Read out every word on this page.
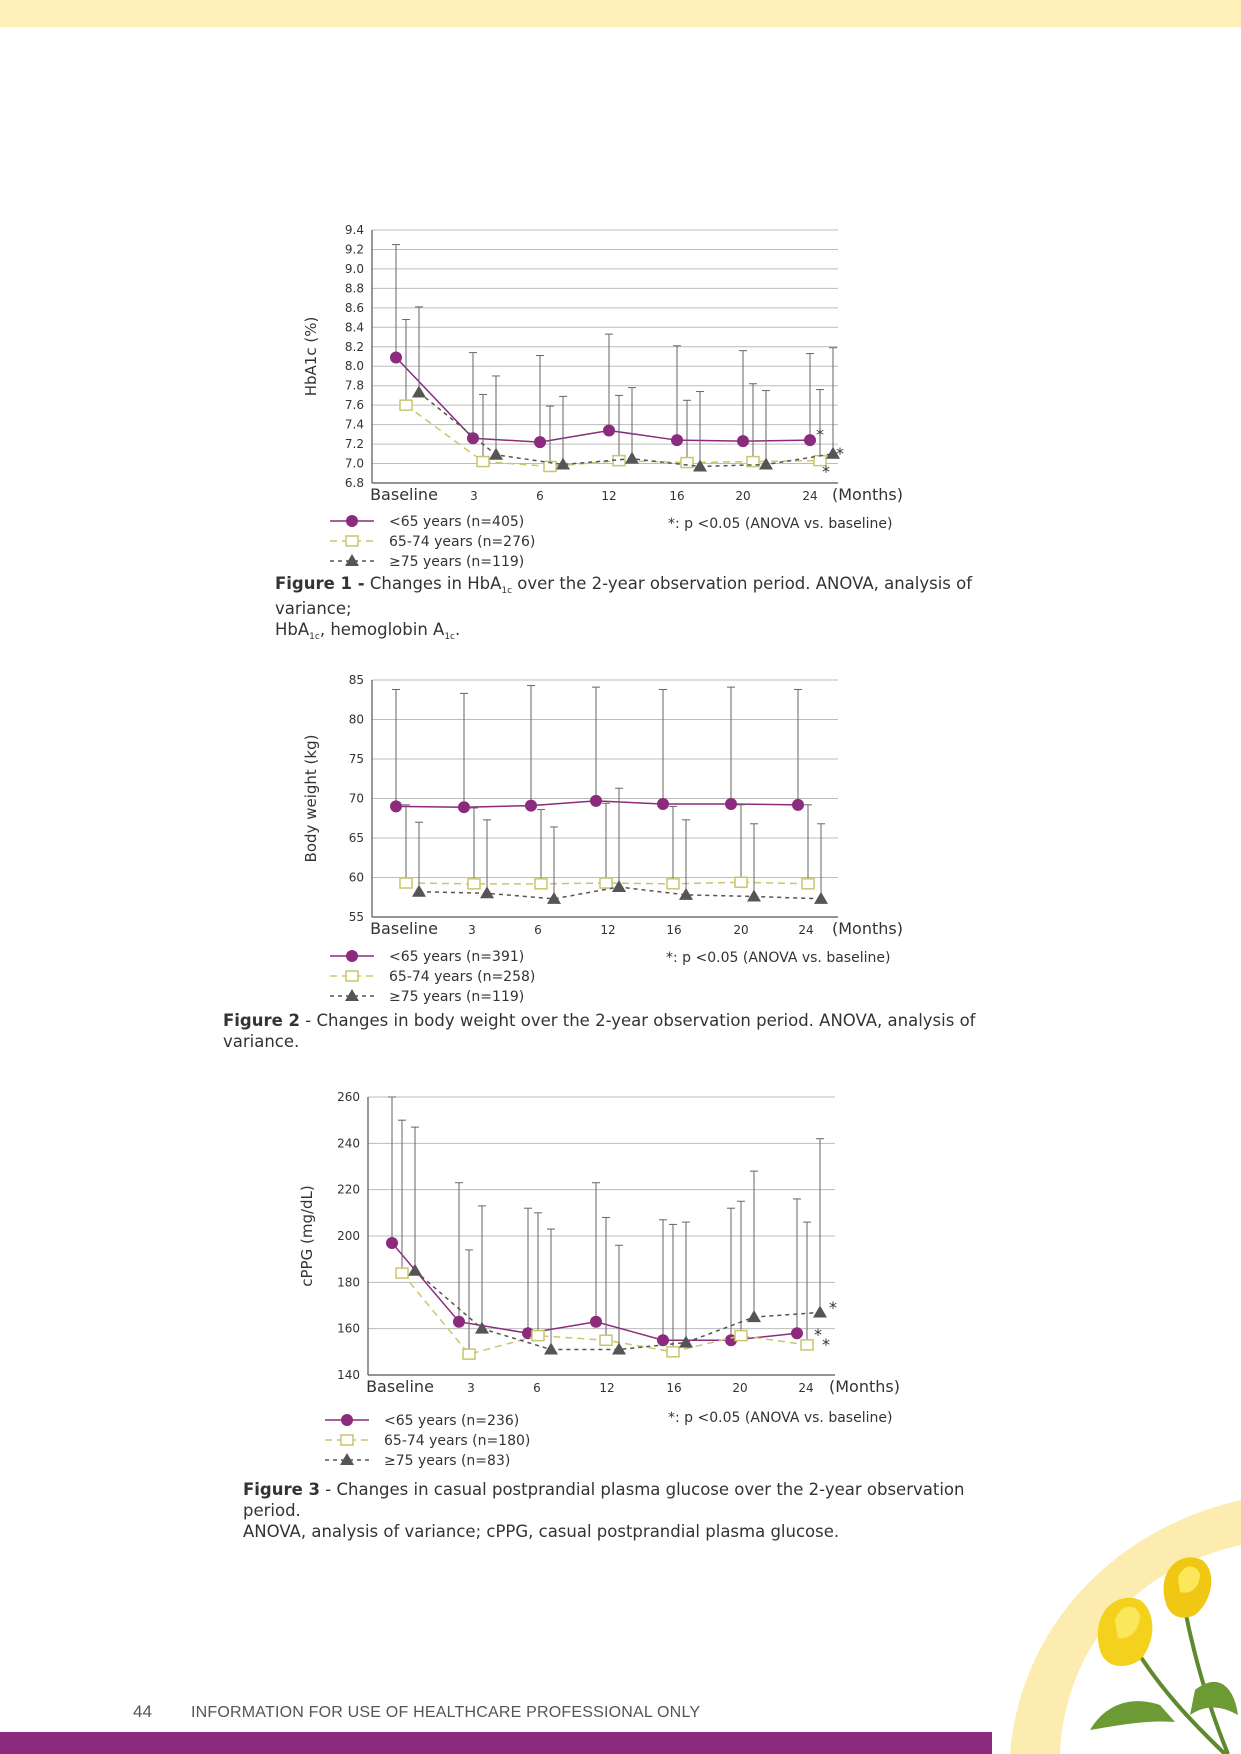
9.4
9.2
9.0
8.8
8.6
8.4
8.2
8.0
7.8
7.6
7.4
7.2
7.0
6.8
HbA1c (%)
Baseline	3	6	12	16	20	24 (Months)
<65 years (n=405)
65-74 years (n=276)
≥75 years (n=119)
*: p <0.05 (ANOVA vs. baseline)
*
*
*
85
80
75
70
65
60
55
Body weight (kg)
Baseline	3	6	12	16	20	24 (Months)
<65 years (n=391)
65-74 years (n=258)
≥75 years (n=119)
*: p <0.05 (ANOVA vs. baseline)
260
240
220
200
180
160
140
cPPG (mg/dL)
Baseline	3	6	12	16	20	24 (Months)
<65 years (n=236)
65-74 years (n=180)
≥75 years (n=83)
*: p <0.05 (ANOVA vs. baseline)
*
*
*
Figure 1 - Changes in HbA$_{1c}$ over the 2-year observation period. ANOVA, analysis of variance;
HbA$_{1c}$, hemoglobin $A_{1c}$.
Figure 2 - Changes in body weight over the 2-year observation period. ANOVA, analysis of variance.
Figure 3 - Changes in casual postprandial plasma glucose over the 2-year observation period.
ANOVA, analysis of variance; cPPG, casual postprandial plasma glucose.
44 INFORMATION FOR USE OF HEALTHCARE PROFESSIONAL ONLY
